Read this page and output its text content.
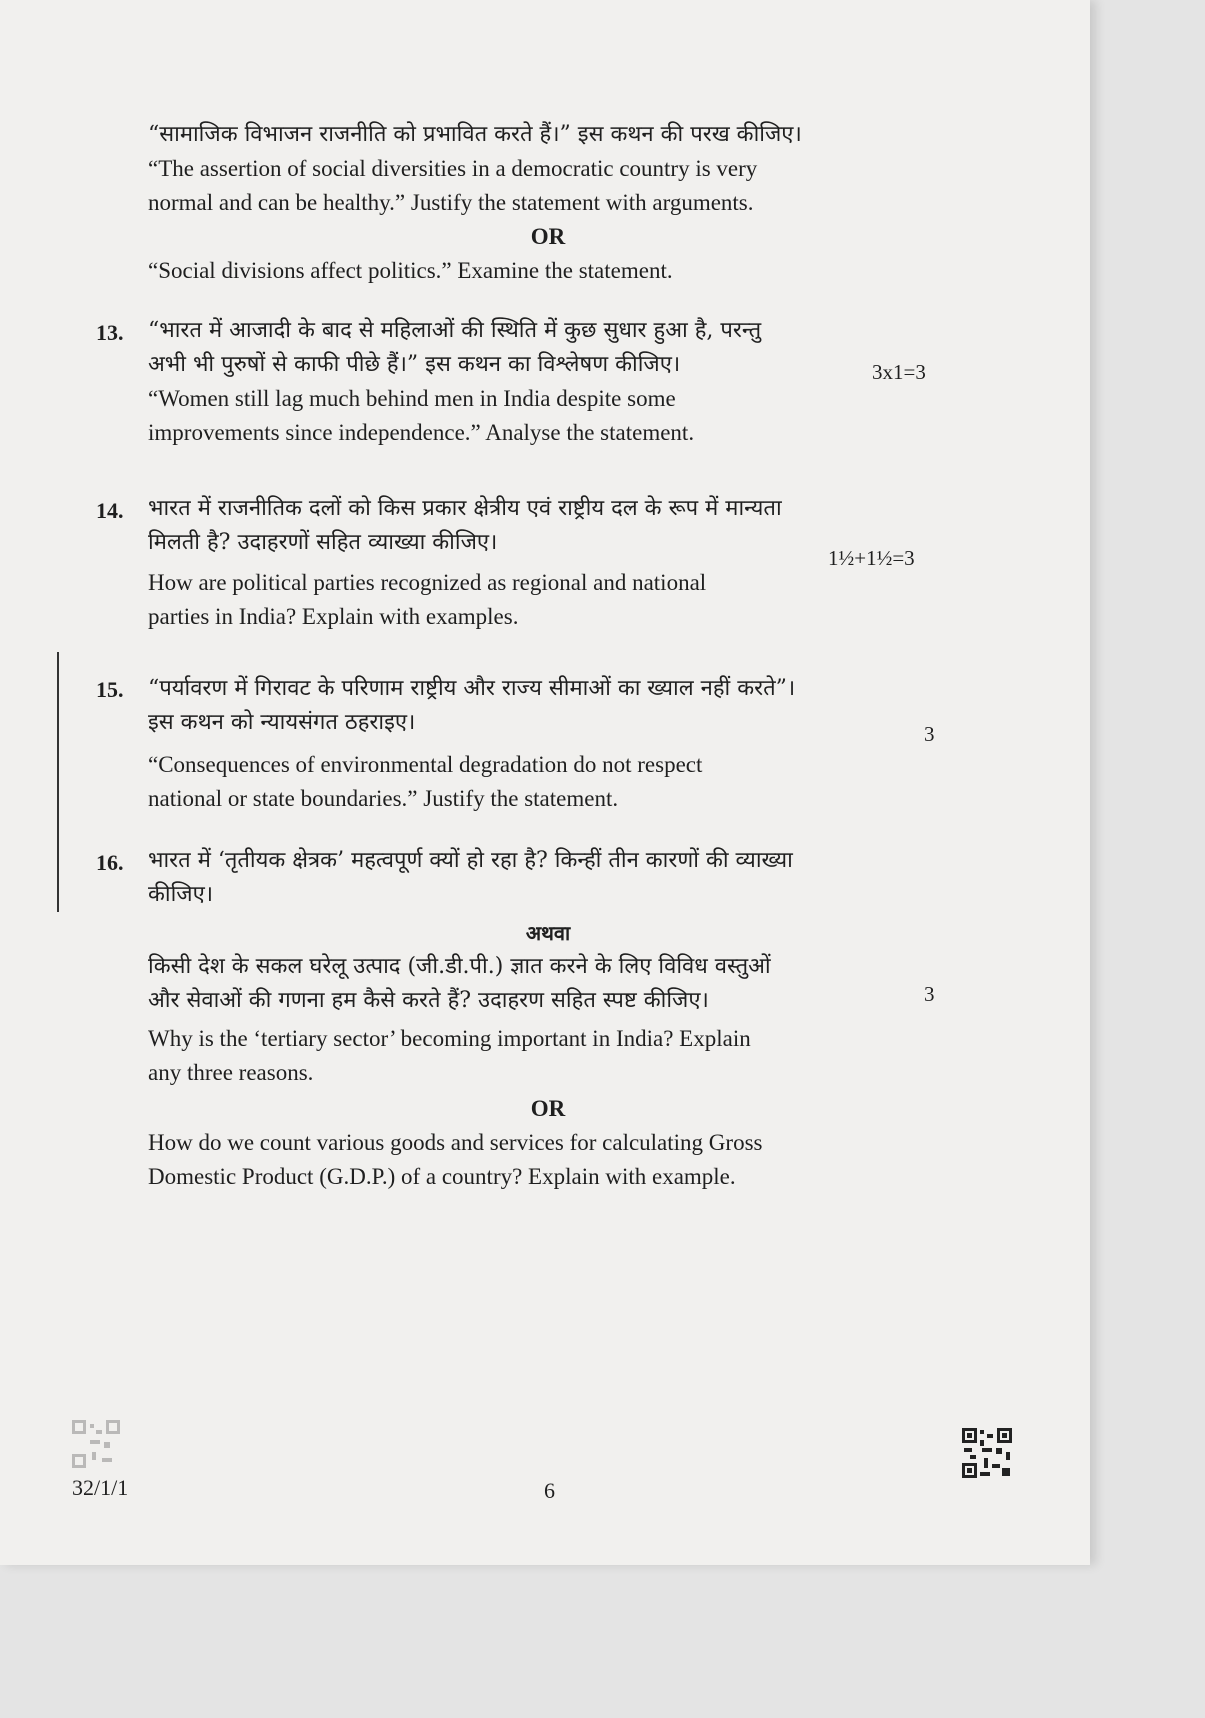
“सामाजिक विभाजन राजनीति को प्रभावित करते हैं।” इस कथन की परख कीजिए।
“The assertion of social diversities in a democratic country is very
normal and can be healthy.” Justify the statement with arguments.
OR
“Social divisions affect politics.” Examine the statement.
13. “भारत में आजादी के बाद से महिलाओं की स्थिति में कुछ सुधार हुआ है, परन्तु
अभी भी पुरुषों से काफी पीछे हैं।” इस कथन का विश्लेषण कीजिए।
“Women still lag much behind men in India despite some
improvements since independence.” Analyse the statement.
3x1=3
14. भारत में राजनीतिक दलों को किस प्रकार क्षेत्रीय एवं राष्ट्रीय दल के रूप में मान्यता
मिलती है? उदाहरणों सहित व्याख्या कीजिए।
How are political parties recognized as regional and national
parties in India? Explain with examples.
1½+1½=3
15. “पर्यावरण में गिरावट के परिणाम राष्ट्रीय और राज्य सीमाओं का ख्याल नहीं करते”।
इस कथन को न्यायसंगत ठहराइए।
“Consequences of environmental degradation do not respect
national or state boundaries.” Justify the statement.
3
16. भारत में ‘तृतीयक क्षेत्रक’ महत्वपूर्ण क्यों हो रहा है? किन्हीं तीन कारणों की व्याख्या
कीजिए।
अथवा
किसी देश के सकल घरेलू उत्पाद (जी.डी.पी.) ज्ञात करने के लिए विविध वस्तुओं
और सेवाओं की गणना हम कैसे करते हैं? उदाहरण सहित स्पष्ट कीजिए।
Why is the ‘tertiary sector’ becoming important in India? Explain
any three reasons.
OR
How do we count various goods and services for calculating Gross
Domestic Product (G.D.P.) of a country? Explain with example.
3
32/1/1	6
